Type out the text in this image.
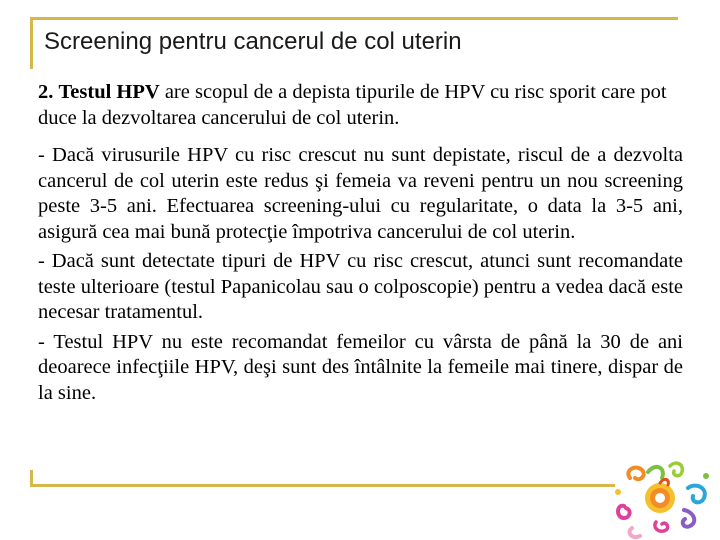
Screening pentru cancerul de col uterin

2. Testul HPV are scopul de a depista tipurile de HPV cu risc sporit care pot duce la dezvoltarea cancerului de col uterin.

- Dacă virusurile HPV cu risc crescut nu sunt depistate, riscul de a dezvolta cancerul de col uterin este redus şi femeia va reveni pentru un nou screening peste 3-5 ani. Efectuarea screening-ului cu regularitate, o data la 3-5 ani, asigură cea mai bună protecţie împotriva cancerului de col uterin.

- Dacă sunt detectate tipuri de HPV cu risc crescut, atunci sunt recomandate teste ulterioare (testul Papanicolau sau o colposcopie) pentru a vedea dacă este necesar tratamentul.

- Testul HPV nu este recomandat femeilor cu vârsta de până la 30 de ani deoarece infecţiile HPV, deşi sunt des întâlnite la femeile mai tinere, dispar de la sine.
